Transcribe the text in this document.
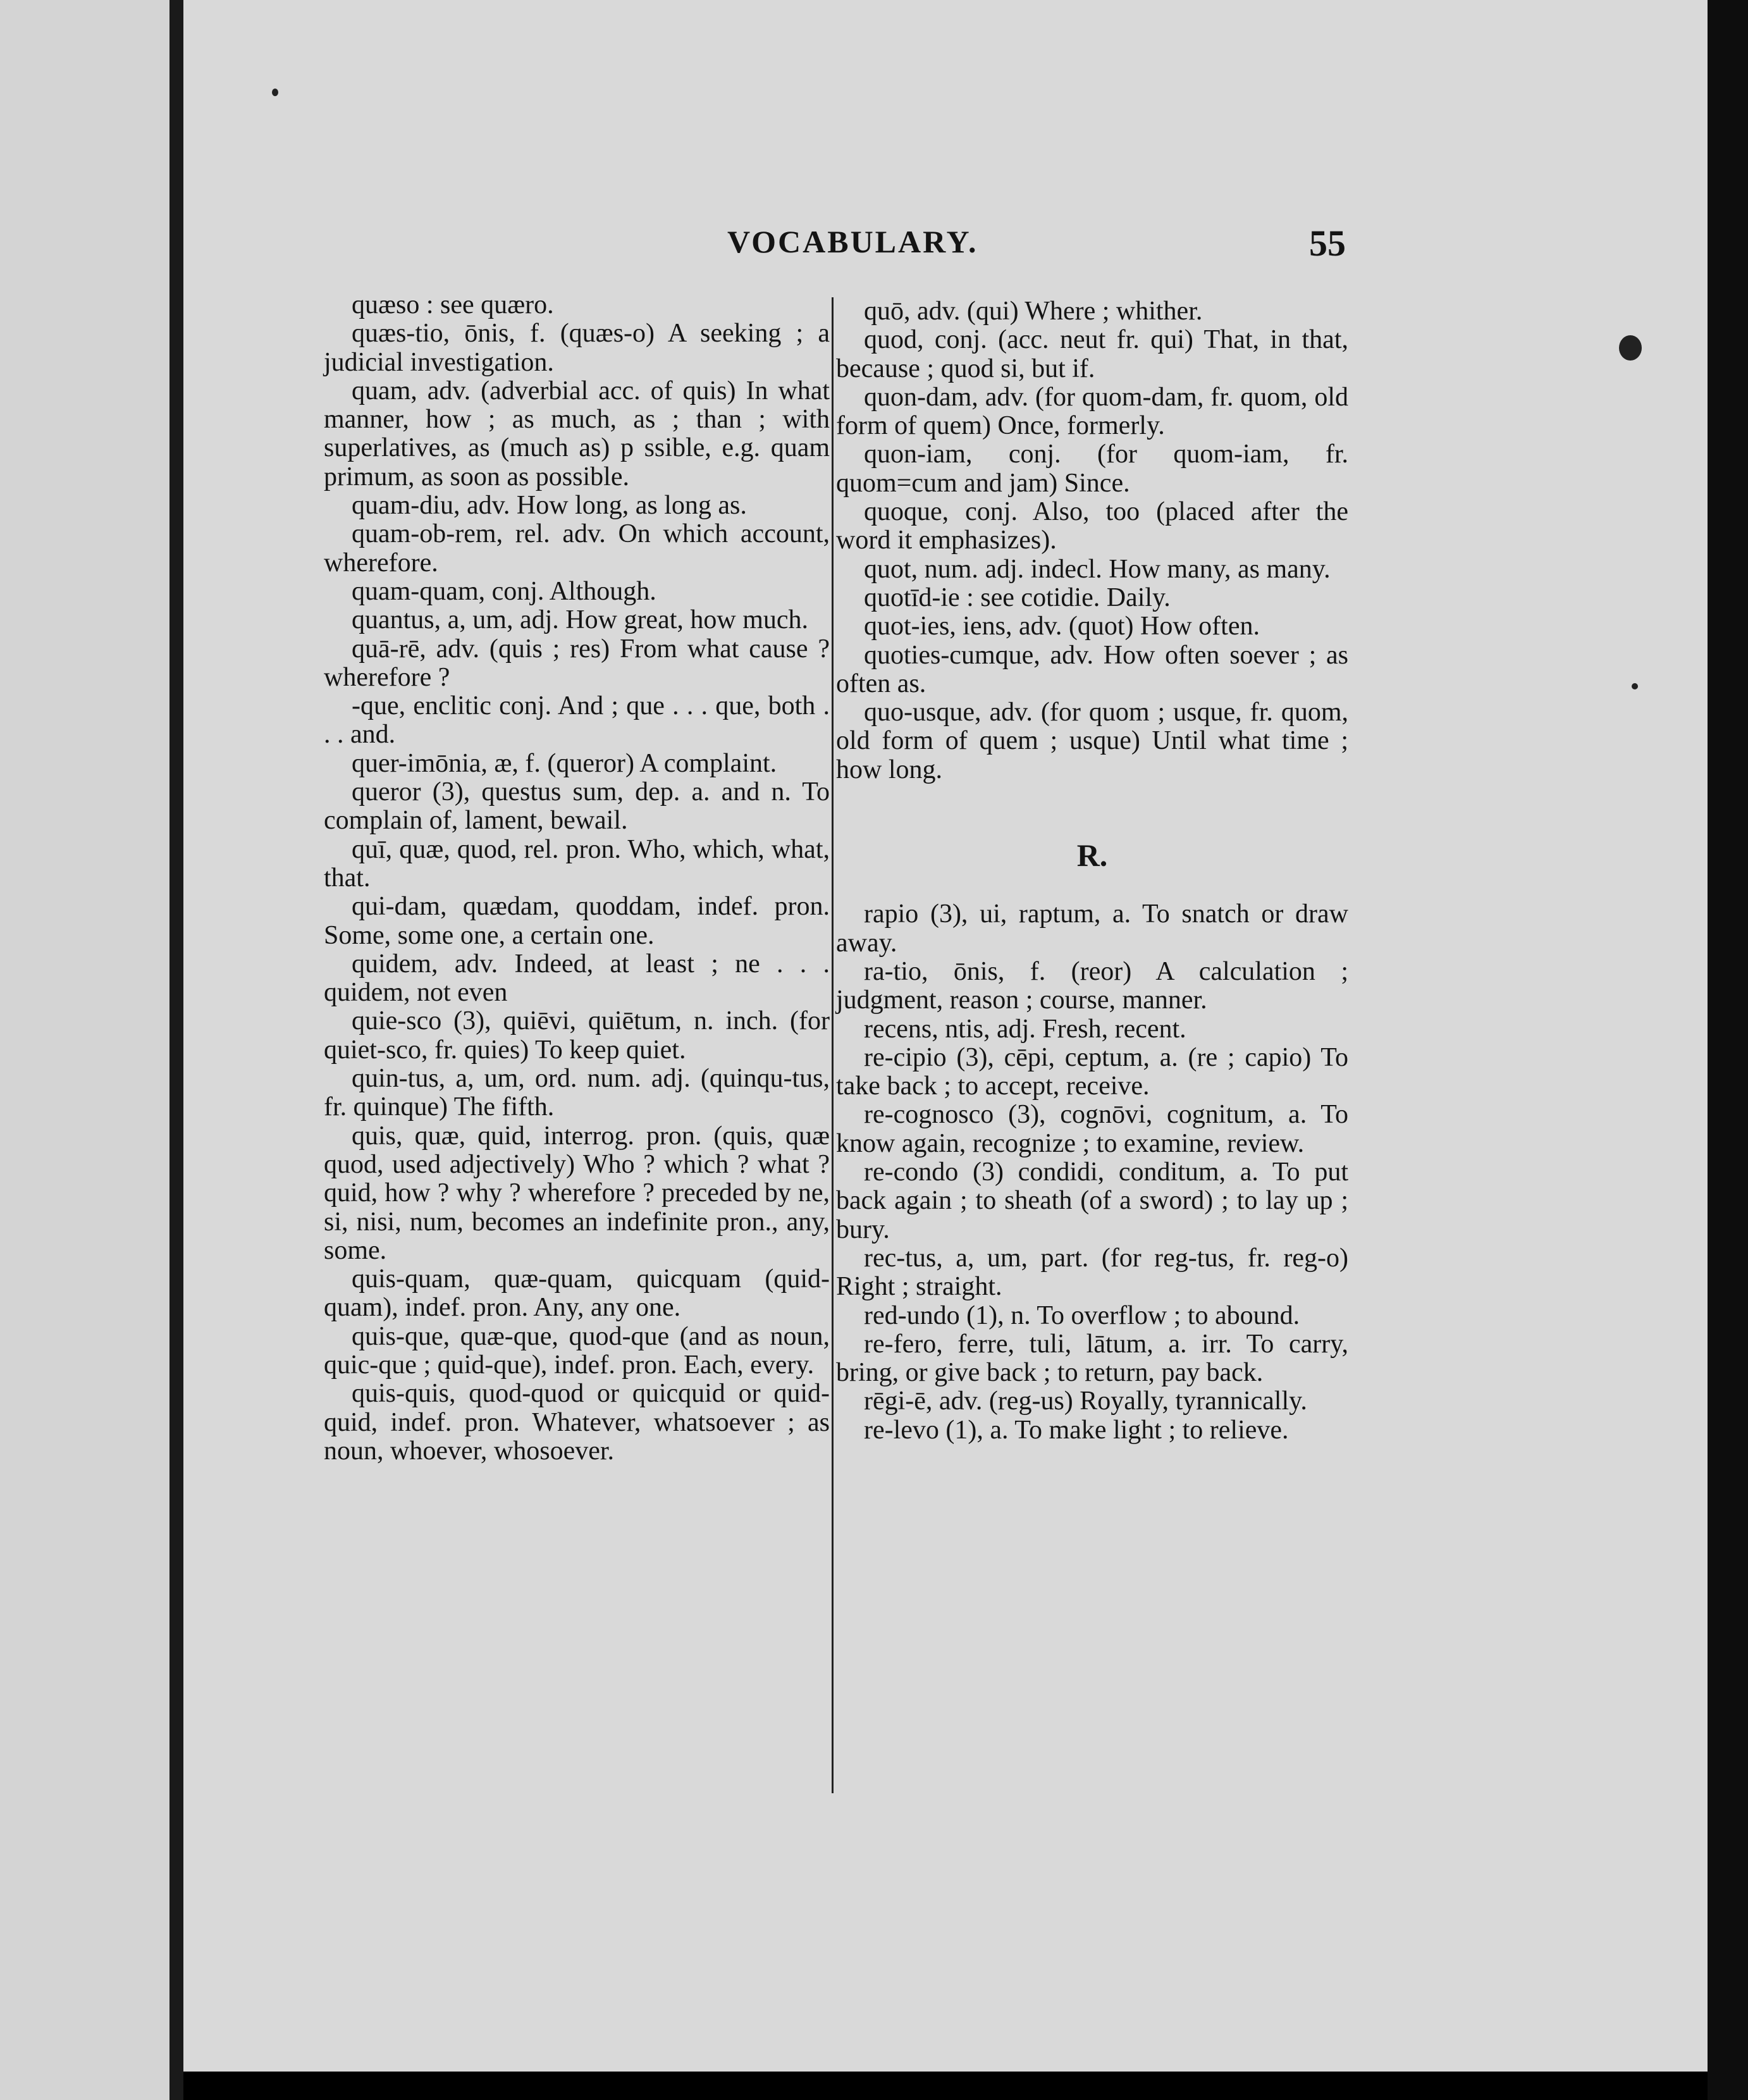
VOCABULARY.	55

quæso : see quæro.

quæs-tio, ōnis, f. (quæs-o) A seeking ; a judicial investigation.

quam, adv. (adverbial acc. of quis) In what manner, how ; as much, as ; than ; with superlatives, as (much as) p ssible, e.g. quam primum, as soon as possible.

quam-diu, adv. How long, as long as.

quam-ob-rem, rel. adv. On which account, wherefore.

quam-quam, conj. Although.

quantus, a, um, adj. How great, how much.

quā-rē, adv. (quis ; res) From what cause ? wherefore ?

-que, enclitic conj. And ; que . . . que, both . . . and.

quer-imōnia, æ, f. (queror) A complaint.

queror (3), questus sum, dep. a. and n. To complain of, lament, bewail.

quī, quæ, quod, rel. pron. Who, which, what, that.

qui-dam, quædam, quoddam, indef. pron. Some, some one, a certain one.

quidem, adv. Indeed, at least ; ne . . . quidem, not even

quie-sco (3), quiēvi, quiētum, n. inch. (for quiet-sco, fr. quies) To keep quiet.

quin-tus, a, um, ord. num. adj. (quinqu-tus, fr. quinque) The fifth.

quis, quæ, quid, interrog. pron. (quis, quæ quod, used adjectively) Who ? which ? what ? quid, how ? why ? wherefore ? preceded by ne, si, nisi, num, becomes an indefinite pron., any, some.

quis-quam, quæ-quam, quicquam (quid-quam), indef. pron. Any, any one.

quis-que, quæ-que, quod-que (and as noun, quic-que ; quid-que), indef. pron. Each, every.

quis-quis, quod-quod or quicquid or quid-quid, indef. pron. Whatever, whatsoever ; as noun, whoever, whosoever.

quō, adv. (qui) Where ; whither.

quod, conj. (acc. neut fr. qui) That, in that, because ; quod si, but if.

quon-dam, adv. (for quom-dam, fr. quom, old form of quem) Once, formerly.

quon-iam, conj. (for quom-iam, fr. quom=cum and jam) Since.

quoque, conj. Also, too (placed after the word it emphasizes).

quot, num. adj. indecl. How many, as many.

quotīd-ie : see cotidie. Daily.

quot-ies, iens, adv. (quot) How often.

quoties-cumque, adv. How often soever ; as often as.

quo-usque, adv. (for quom ; usque, fr. quom, old form of quem ; usque) Until what time ; how long.

R.

rapio (3), ui, raptum, a. To snatch or draw away.

ra-tio, ōnis, f. (reor) A calculation ; judgment, reason ; course, manner.

recens, ntis, adj. Fresh, recent.

re-cipio (3), cēpi, ceptum, a. (re ; capio) To take back ; to accept, receive.

re-cognosco (3), cognōvi, cognitum, a. To know again, recognize ; to examine, review.

re-condo (3) condidi, conditum, a. To put back again ; to sheath (of a sword) ; to lay up ; bury.

rec-tus, a, um, part. (for reg-tus, fr. reg-o) Right ; straight.

red-undo (1), n. To overflow ; to abound.

re-fero, ferre, tuli, lātum, a. irr. To carry, bring, or give back ; to return, pay back.

rēgi-ē, adv. (reg-us) Royally, tyrannically.

re-levo (1), a. To make light ; to relieve.
